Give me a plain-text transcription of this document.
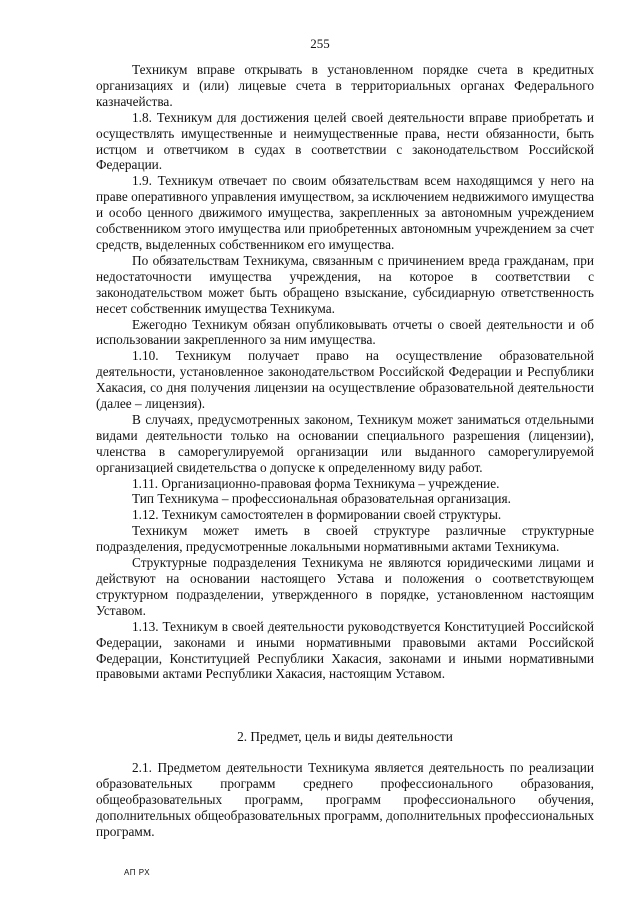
255

Техникум вправе открывать в установленном порядке счета в кредитных организациях и (или) лицевые счета в территориальных органах Федерального казначейства.

1.8. Техникум для достижения целей своей деятельности вправе приобретать и осуществлять имущественные и неимущественные права, нести обязанности, быть истцом и ответчиком в судах в соответствии с законодательством Российской Федерации.

1.9. Техникум отвечает по своим обязательствам всем находящимся у него на праве оперативного управления имуществом, за исключением недвижимого имущества и особо ценного движимого имущества, закрепленных за автономным учреждением собственником этого имущества или приобретенных автономным учреждением за счет средств, выделенных собственником его имущества.

По обязательствам Техникума, связанным с причинением вреда гражданам, при недостаточности имущества учреждения, на которое в соответствии с законодательством может быть обращено взыскание, субсидиарную ответственность несет собственник имущества Техникума.

Ежегодно Техникум обязан опубликовывать отчеты о своей деятельности и об использовании закрепленного за ним имущества.

1.10. Техникум получает право на осуществление образовательной деятельности, установленное законодательством Российской Федерации и Республики Хакасия, со дня получения лицензии на осуществление образовательной деятельности (далее – лицензия).

В случаях, предусмотренных законом, Техникум может заниматься отдельными видами деятельности только на основании специального разрешения (лицензии), членства в саморегулируемой организации или выданного саморегулируемой организацией свидетельства о допуске к определенному виду работ.

1.11. Организационно-правовая форма Техникума – учреждение.

Тип Техникума – профессиональная образовательная организация.

1.12. Техникум самостоятелен в формировании своей структуры.

Техникум может иметь в своей структуре различные структурные подразделения, предусмотренные локальными нормативными актами Техникума.

Структурные подразделения Техникума не являются юридическими лицами и действуют на основании настоящего Устава и положения о соответствующем структурном подразделении, утвержденного в порядке, установленном настоящим Уставом.

1.13. Техникум в своей деятельности руководствуется Конституцией Российской Федерации, законами и иными нормативными правовыми актами Российской Федерации, Конституцией Республики Хакасия, законами и иными нормативными правовыми актами Республики Хакасия, настоящим Уставом.

2. Предмет, цель и виды деятельности

2.1. Предметом деятельности Техникума является деятельность по реализации образовательных программ среднего профессионального образования, общеобразовательных программ, программ профессионального обучения, дополнительных общеобразовательных программ, дополнительных профессиональных программ.

АП РХ
